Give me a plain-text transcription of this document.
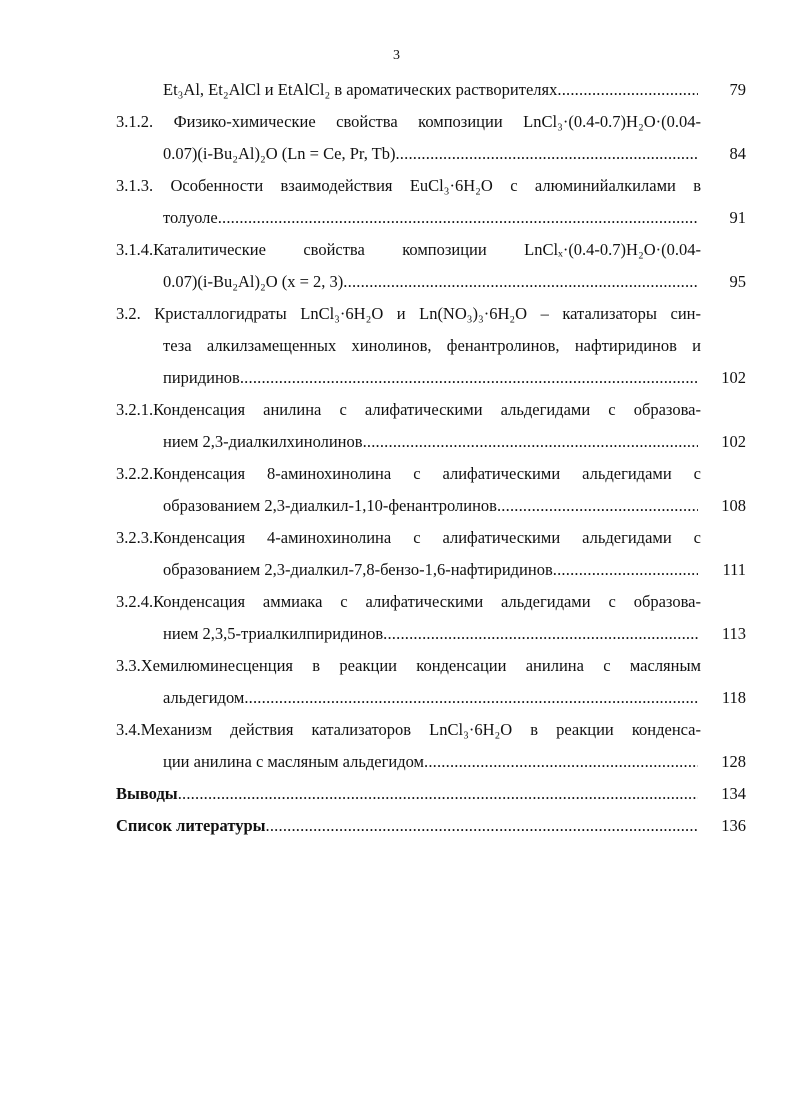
3
Et₃Al, Et₂AlCl и EtAlCl₂ в ароматических растворителях .....	79
3.1.2. Физико-химические свойства композиции LnCl₃·(0.4-0.7)H₂O·(0.04-
0.07)(i-Bu₂Al)₂O (Ln = Ce, Pr, Tb) .....	84
3.1.3. Особенности взаимодействия EuCl₃·6H₂O с алюминийалкилами в
толуоле .....	91
3.1.4.Каталитичеcкие свойства композиции LnClₓ·(0.4-0.7)H₂O·(0.04-
0.07)(i-Bu₂Al)₂O (x = 2, 3) .....	95
3.2. Кристаллогидраты LnCl₃·6H₂O и Ln(NO₃)₃·6H₂O – катализаторы син-
теза алкилзамещенных хинолинов, фенантролинов, нафтиридинов и
пиридинов .....	102
3.2.1.Конденсация анилина с алифатическими альдегидами с образова-
нием 2,3-диалкилхинолинов .....	102
3.2.2.Конденсация 8-аминохинолина с алифатическими альдегидами с
образованием 2,3-диалкил-1,10-фенантролинов .....	108
3.2.3.Конденсация 4-аминохинолина с алифатическими альдегидами с
образованием 2,3-диалкил-7,8-бензо-1,6-нафтиридинов .....	111
3.2.4.Конденсация аммиака с алифатическими альдегидами с образова-
нием 2,3,5-триалкилпиридинов .....	113
3.3.Хемилюминесценция в реакции конденсации анилина с масляным
альдегидом .....	118
3.4.Механизм действия катализаторов LnCl₃·6H₂O в реакции конденса-
ции анилина с масляным альдегидом .....	128
Выводы .....	134
Список литературы .....	136
